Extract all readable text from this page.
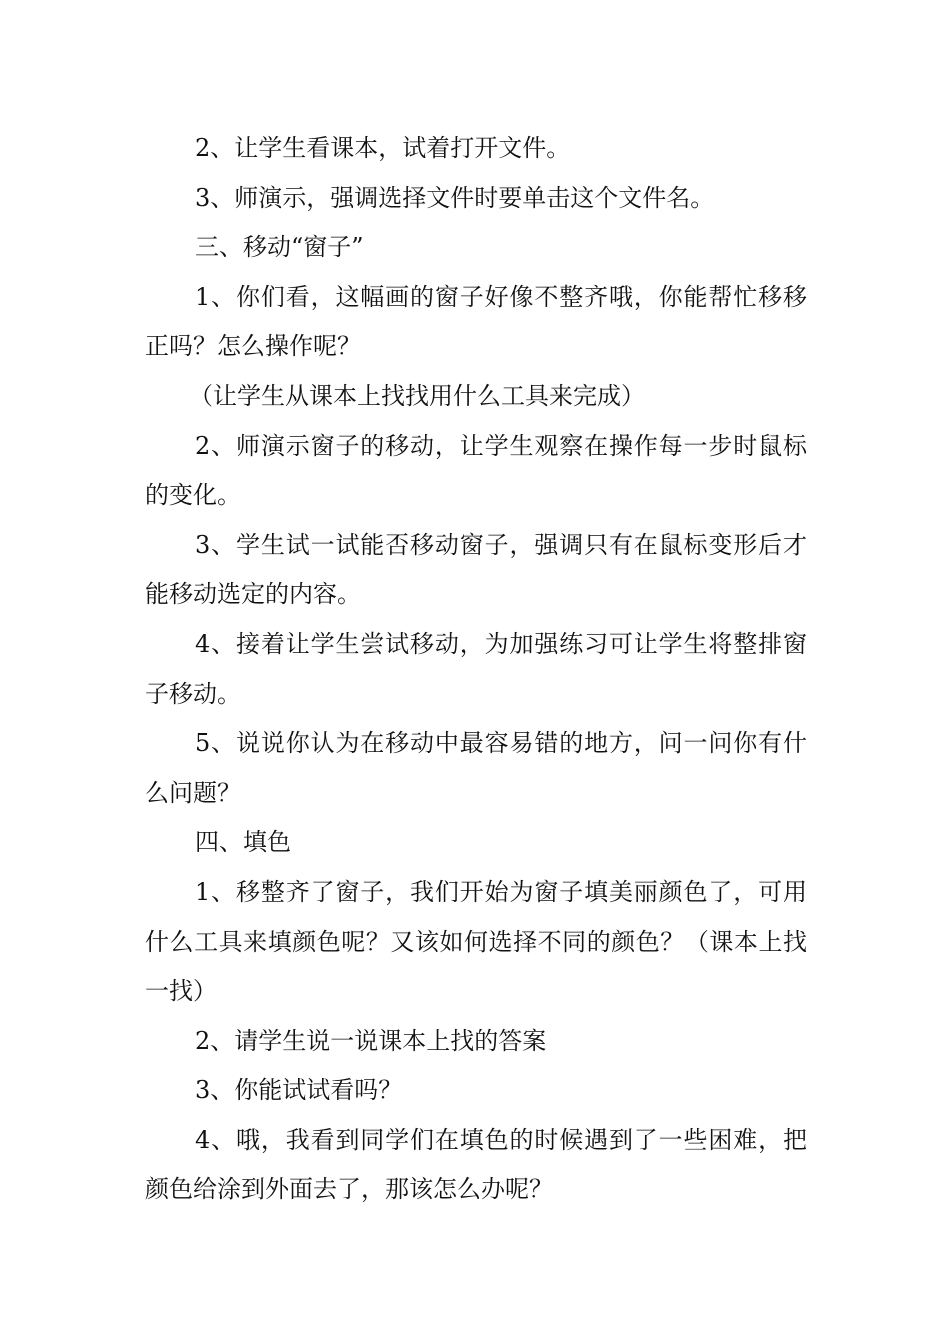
2、让学生看课本，试着打开文件。

3、师演示，强调选择文件时要单击这个文件名。

三、移动“窗子”

1、你们看，这幅画的窗子好像不整齐哦，你能帮忙移移正吗？怎么操作呢？

（让学生从课本上找找用什么工具来完成）

2、师演示窗子的移动，让学生观察在操作每一步时鼠标的变化。

3、学生试一试能否移动窗子，强调只有在鼠标变形后才能移动选定的内容。

4、接着让学生尝试移动，为加强练习可让学生将整排窗子移动。

5、说说你认为在移动中最容易错的地方，问一问你有什么问题？

四、填色

1、移整齐了窗子，我们开始为窗子填美丽颜色了，可用什么工具来填颜色呢？又该如何选择不同的颜色？（课本上找一找）

2、请学生说一说课本上找的答案

3、你能试试看吗？

4、哦，我看到同学们在填色的时候遇到了一些困难，把颜色给涂到外面去了，那该怎么办呢？
